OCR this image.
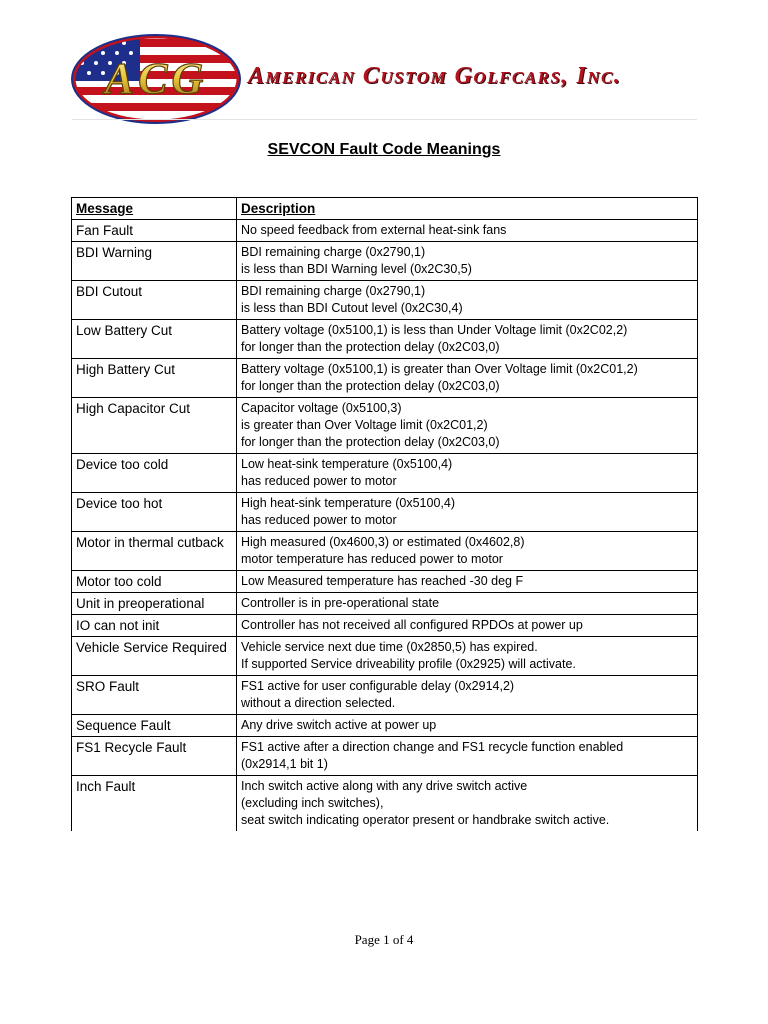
ACG American Custom Golfcars, Inc.
SEVCON Fault Code Meanings
Message	Description
Fan Fault	No speed feedback from external heat-sink fans

BDI Warning	BDI remaining charge (0x2790,1)
is less than BDI Warning level (0x2C30,5)

BDI Cutout	BDI remaining charge (0x2790,1)
is less than BDI Cutout level (0x2C30,4)

Low Battery Cut	Battery voltage (0x5100,1) is less than Under Voltage limit (0x2C02,2)
for longer than the protection delay (0x2C03,0)

High Battery Cut	Battery voltage (0x5100,1) is greater than Over Voltage limit (0x2C01,2)
for longer than the protection delay (0x2C03,0)

High Capacitor Cut	Capacitor voltage (0x5100,3)
is greater than Over Voltage limit (0x2C01,2)
for longer than the protection delay (0x2C03,0)

Device too cold	Low heat-sink temperature (0x5100,4)
has reduced power to motor

Device too hot	High heat-sink temperature (0x5100,4)
has reduced power to motor

Motor in thermal cutback	High measured (0x4600,3) or estimated (0x4602,8)
motor temperature has reduced power to motor

Motor too cold	Low Measured temperature has reached -30 deg F

Unit in preoperational	Controller is in pre-operational state

IO can not init	Controller has not received all configured RPDOs at power up

Vehicle Service Required	Vehicle service next due time (0x2850,5) has expired.
If supported Service driveability profile (0x2925) will activate.

SRO Fault	FS1 active for user configurable delay (0x2914,2)
without a direction selected.

Sequence Fault	Any drive switch active at power up

FS1 Recycle Fault	FS1 active after a direction change and FS1 recycle function enabled
(0x2914,1 bit 1)

Inch Fault	Inch switch active along with any drive switch active
(excluding inch switches),
seat switch indicating operator present or handbrake switch active.
Page 1 of 4
